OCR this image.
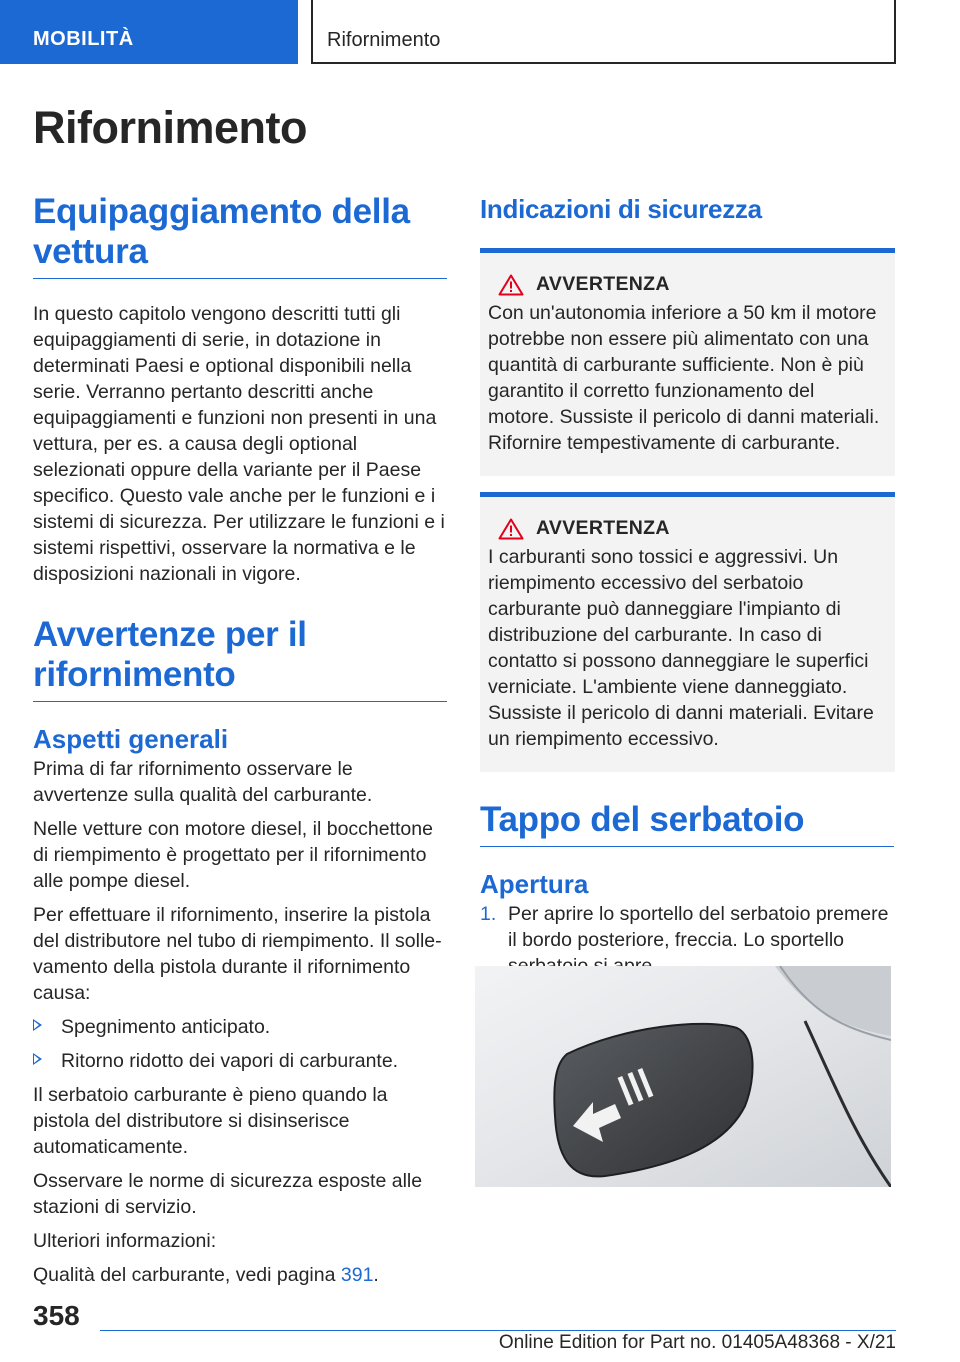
MOBILITÀ	Rifornimento
Rifornimento
Equipaggiamento della vettura

In questo capitolo vengono descritti tutti gli equipaggiamenti di serie, in dotazione in determinati Paesi e optional disponibili nella serie. Verranno pertanto descritti anche equipaggiamenti e funzioni non presenti in una vettura, per es. a causa degli optional selezionati oppure della variante per il Paese specifico. Questo vale anche per le funzioni e i sistemi di sicurezza. Per utilizzare le funzioni e i sistemi rispettivi, osservare la normativa e le disposizioni nazionali in vigore.

Avvertenze per il rifornimento
Aspetti generali

Prima di far rifornimento osservare le avvertenze sulla qualità del carburante.

Nelle vetture con motore diesel, il bocchettone di riempimento è progettato per il rifornimento alle pompe diesel.

Per effettuare il rifornimento, inserire la pistola del distributore nel tubo di riempimento. Il sollevamento della pistola durante il rifornimento causa:

Spegnimento anticipato.

Ritorno ridotto dei vapori di carburante.

Il serbatoio carburante è pieno quando la pistola del distributore si disinserisce automaticamente.

Osservare le norme di sicurezza esposte alle stazioni di servizio.

Ulteriori informazioni:

Qualità del carburante, vedi pagina 391.

Indicazioni di sicurezza
AVVERTENZA

Con un'autonomia inferiore a 50 km il motore potrebbe non essere più alimentato con una quantità di carburante sufficiente. Non è più garantito il corretto funzionamento del motore. Sussiste il pericolo di danni materiali. Rifornire tempestivamente di carburante.

AVVERTENZA

I carburanti sono tossici e aggressivi. Un riempimento eccessivo del serbatoio carburante può danneggiare l'impianto di distribuzione del carburante. In caso di contatto si possono danneggiare le superfici verniciate. L'ambiente viene danneggiato. Sussiste il pericolo di danni materiali. Evitare un riempimento eccessivo.

Tappo del serbatoio
Apertura

1. Per aprire lo sportello del serbatoio premere il bordo posteriore, freccia. Lo sportello

358
Online Edition for Part no. 01405A48368 - X/21
